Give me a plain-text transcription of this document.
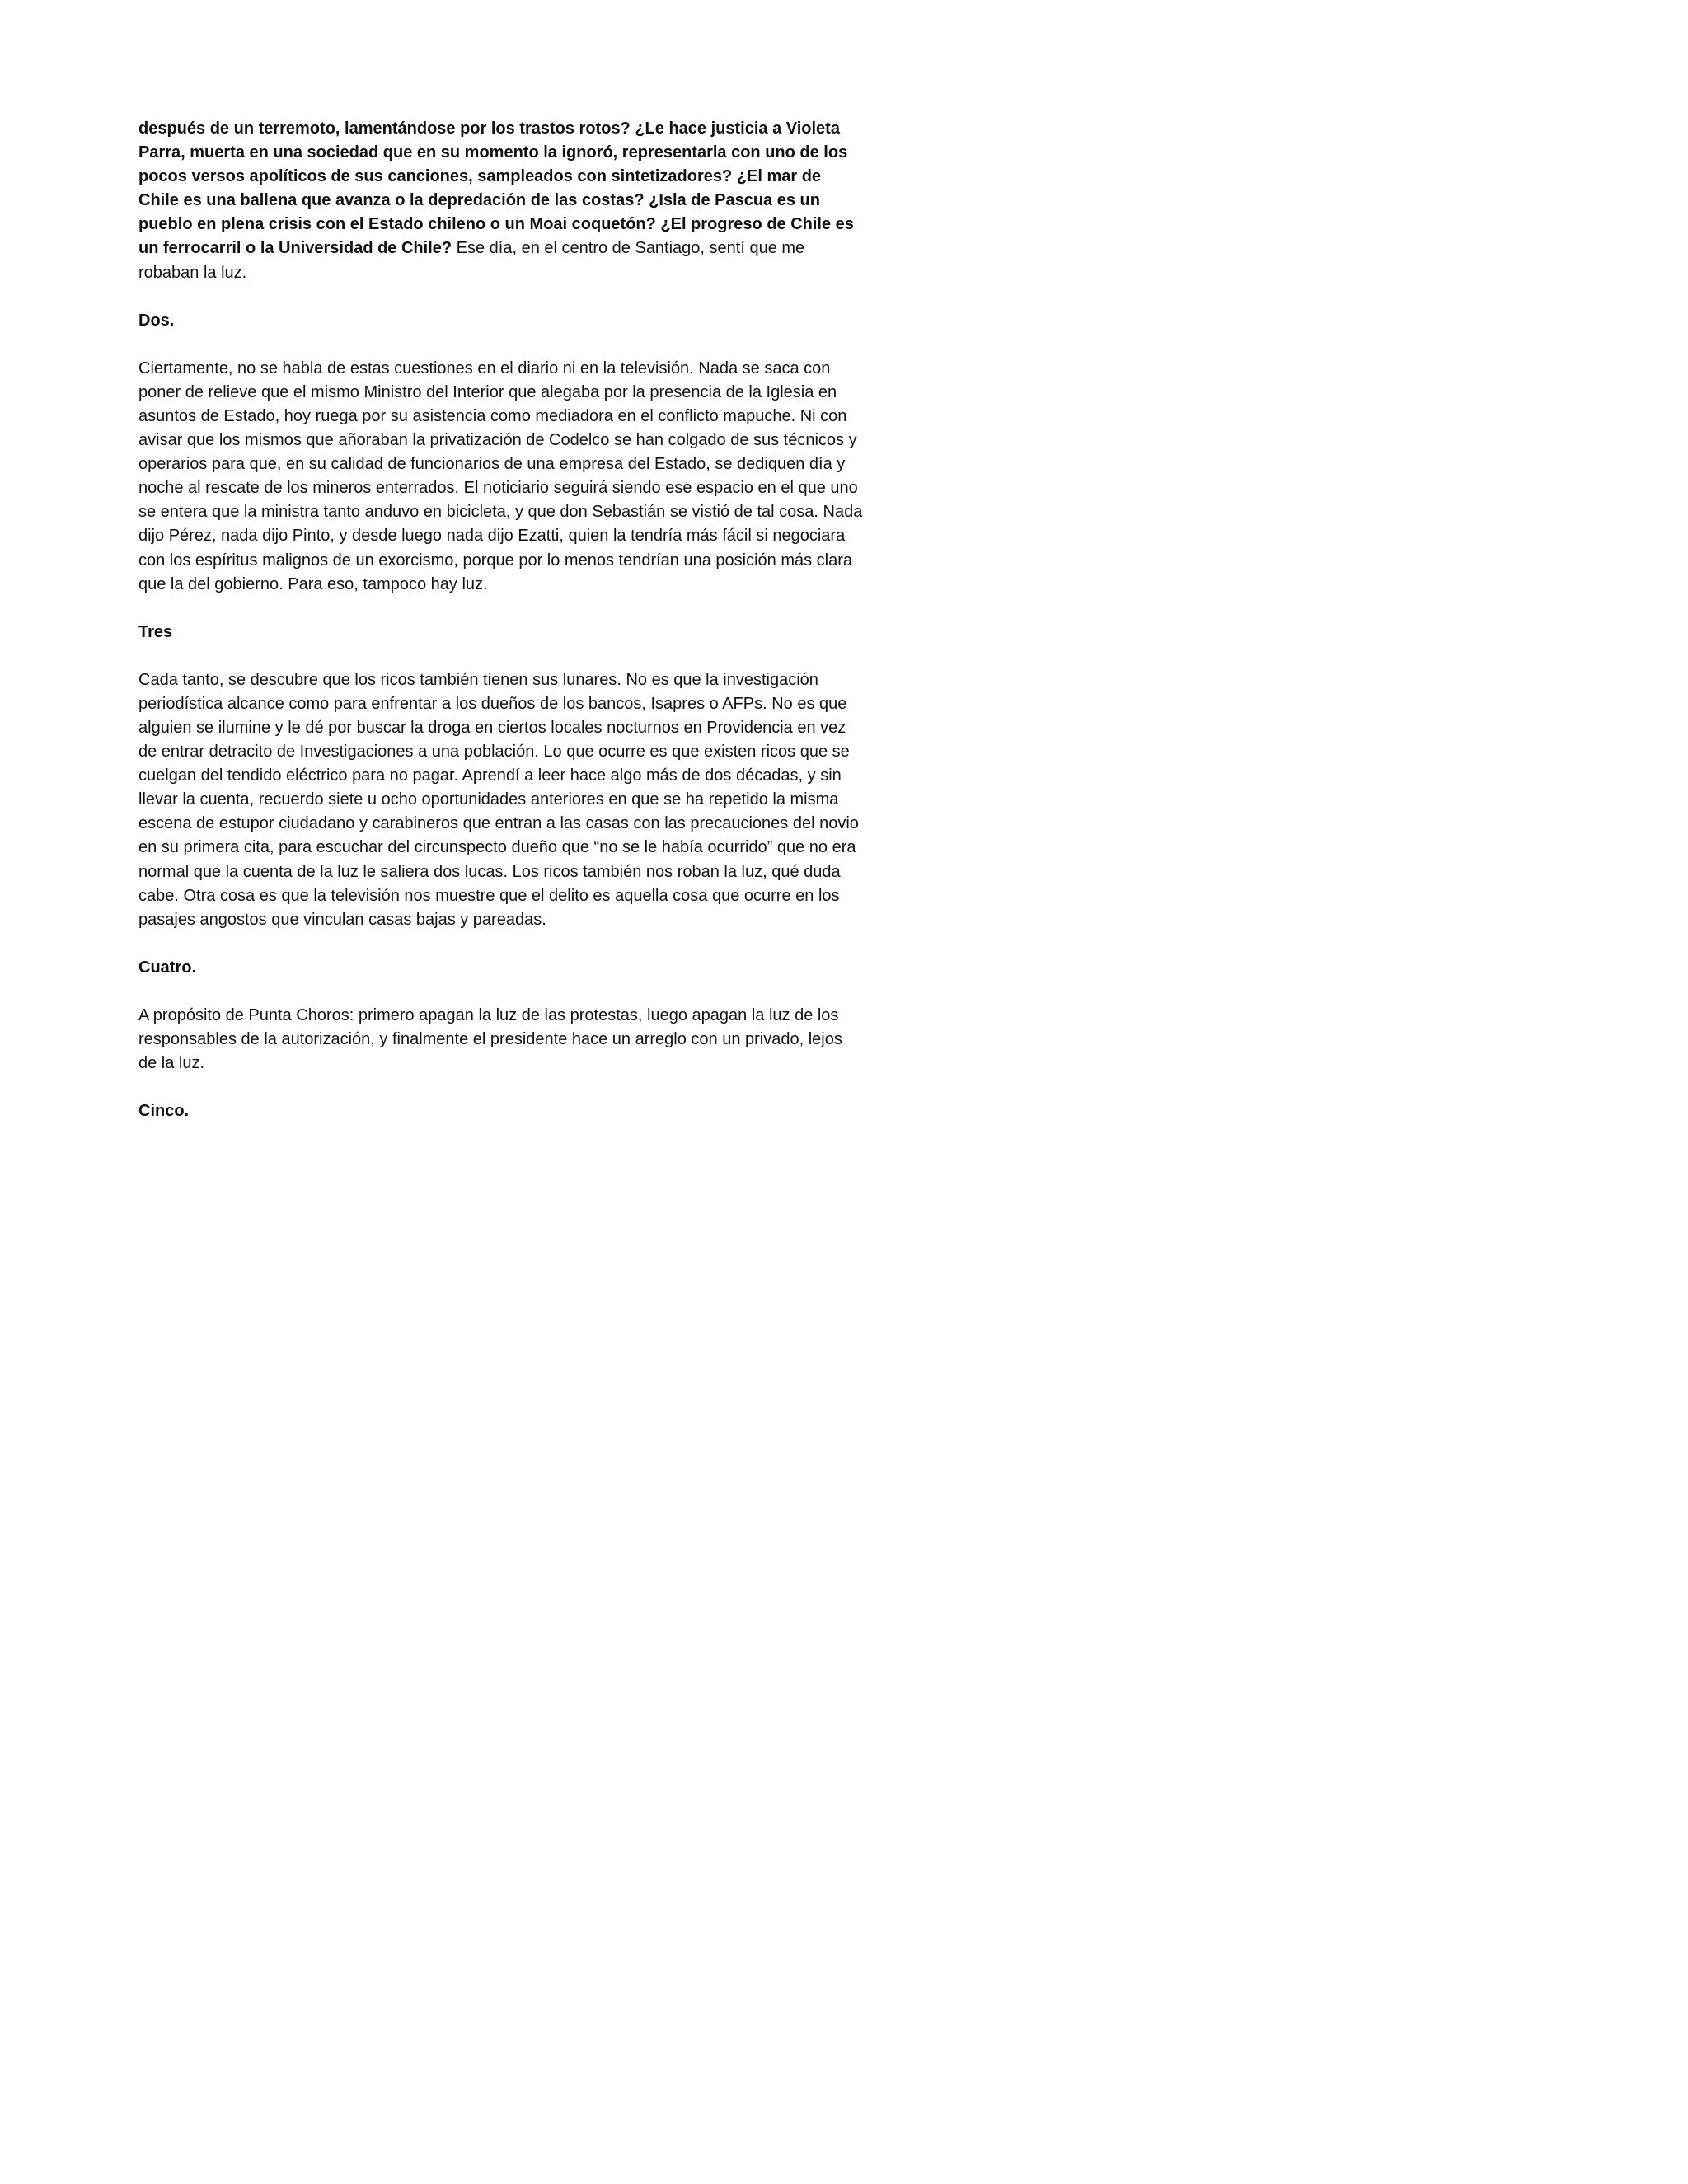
después de un terremoto, lamentándose por los trastos rotos? ¿Le hace justicia a Violeta Parra, muerta en una sociedad que en su momento la ignoró, representarla con uno de los pocos versos apolíticos de sus canciones, sampleados con sintetizadores? ¿El mar de Chile es una ballena que avanza o la depredación de las costas? ¿Isla de Pascua es un pueblo en plena crisis con el Estado chileno o un Moai coquetón? ¿El progreso de Chile es un ferrocarril o la Universidad de Chile? Ese día, en el centro de Santiago, sentí que me robaban la luz.

Dos.

Ciertamente, no se habla de estas cuestiones en el diario ni en la televisión. Nada se saca con poner de relieve que el mismo Ministro del Interior que alegaba por la presencia de la Iglesia en asuntos de Estado, hoy ruega por su asistencia como mediadora en el conflicto mapuche. Ni con avisar que los mismos que añoraban la privatización de Codelco se han colgado de sus técnicos y operarios para que, en su calidad de funcionarios de una empresa del Estado, se dediquen día y noche al rescate de los mineros enterrados. El noticiario seguirá siendo ese espacio en el que uno se entera que la ministra tanto anduvo en bicicleta, y que don Sebastián se vistió de tal cosa. Nada dijo Pérez, nada dijo Pinto, y desde luego nada dijo Ezatti, quien la tendría más fácil si negociara con los espíritus malignos de un exorcismo, porque por lo menos tendrían una posición más clara que la del gobierno. Para eso, tampoco hay luz.

Tres

Cada tanto, se descubre que los ricos también tienen sus lunares. No es que la investigación periodística alcance como para enfrentar a los dueños de los bancos, Isapres o AFPs. No es que alguien se ilumine y le dé por buscar la droga en ciertos locales nocturnos en Providencia en vez de entrar detracito de Investigaciones a una población. Lo que ocurre es que existen ricos que se cuelgan del tendido eléctrico para no pagar. Aprendí a leer hace algo más de dos décadas, y sin llevar la cuenta, recuerdo siete u ocho oportunidades anteriores en que se ha repetido la misma escena de estupor ciudadano y carabineros que entran a las casas con las precauciones del novio en su primera cita, para escuchar del circunspecto dueño que “no se le había ocurrido” que no era normal que la cuenta de la luz le saliera dos lucas. Los ricos también nos roban la luz, qué duda cabe. Otra cosa es que la televisión nos muestre que el delito es aquella cosa que ocurre en los pasajes angostos que vinculan casas bajas y pareadas.

Cuatro.

A propósito de Punta Choros: primero apagan la luz de las protestas, luego apagan la luz de los responsables de la autorización, y finalmente el presidente hace un arreglo con un privado, lejos de la luz.

Cinco.
